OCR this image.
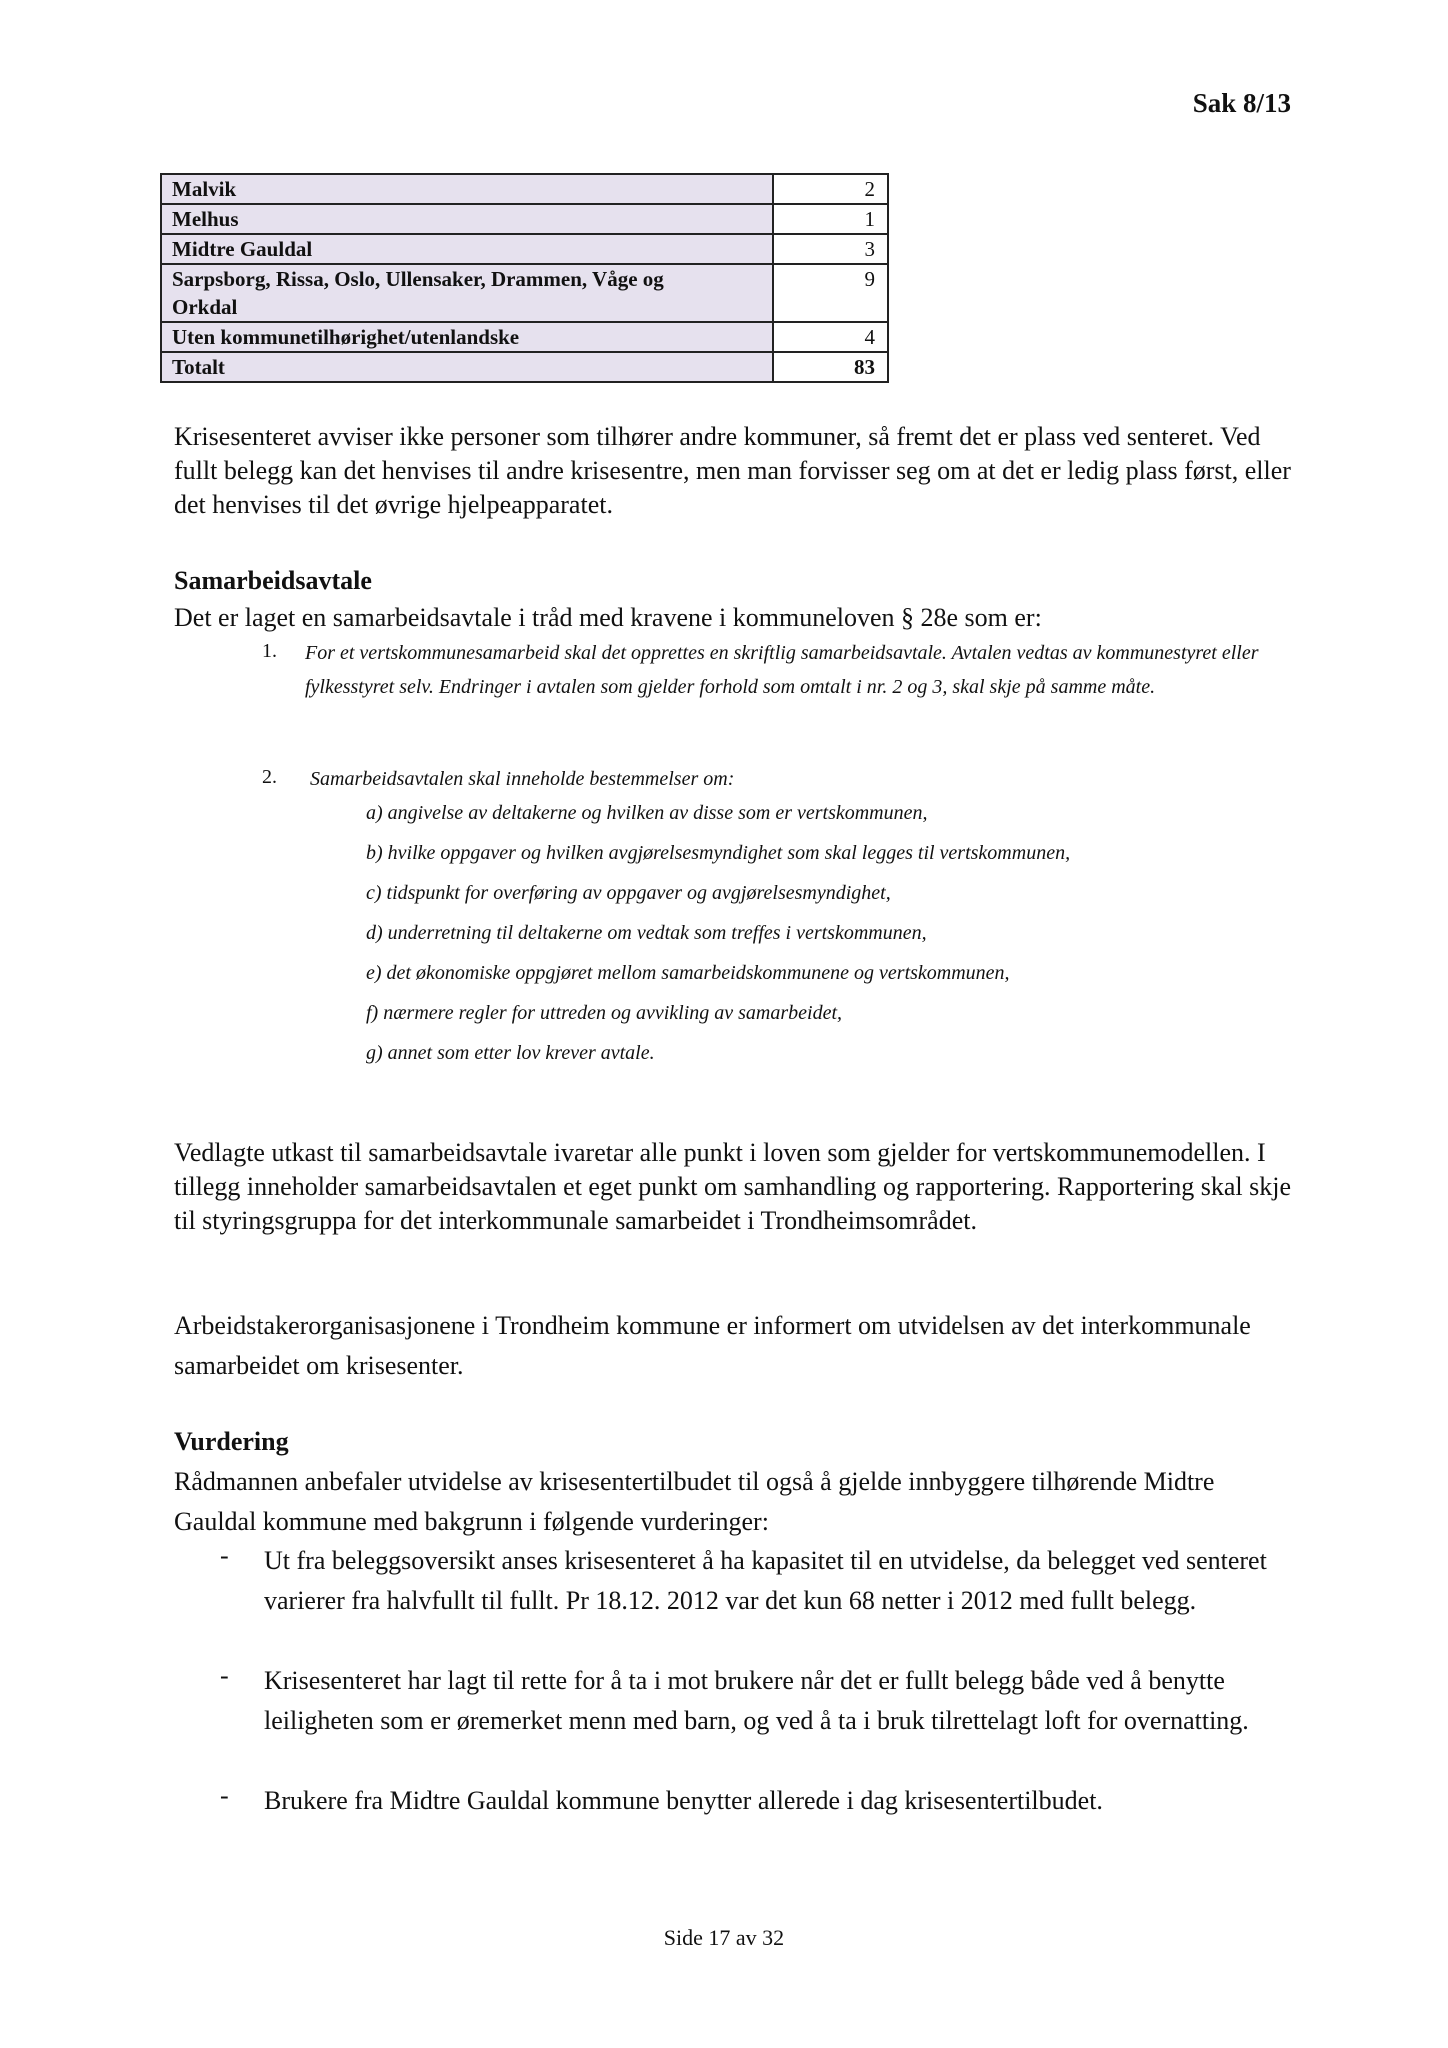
Sak 8/13
Malvik	2
Melhus	1
Midtre Gauldal	3
Sarpsborg, Rissa, Oslo, Ullensaker, Drammen, Våge og Orkdal	9
Uten kommunetilhørighet/utenlandske	4
Totalt	83

Krisesenteret avviser ikke personer som tilhører andre kommuner, så fremt det er plass ved senteret. Ved fullt belegg kan det henvises til andre krisesentre, men man forvisser seg om at det er ledig plass først, eller det henvises til det øvrige hjelpeapparatet.

Samarbeidsavtale
Det er laget en samarbeidsavtale i tråd med kravene i kommuneloven § 28e som er:
1. For et vertskommunesamarbeid skal det opprettes en skriftlig samarbeidsavtale. Avtalen vedtas av kommunestyret eller fylkesstyret selv. Endringer i avtalen som gjelder forhold som omtalt i nr. 2 og 3, skal skje på samme måte.

2. Samarbeidsavtalen skal inneholde bestemmelser om:
a) angivelse av deltakerne og hvilken av disse som er vertskommunen,
b) hvilke oppgaver og hvilken avgjørelsesmyndighet som skal legges til vertskommunen,
c) tidspunkt for overføring av oppgaver og avgjørelsesmyndighet,
d) underretning til deltakerne om vedtak som treffes i vertskommunen,
e) det økonomiske oppgjøret mellom samarbeidskommunene og vertskommunen,
f) nærmere regler for uttreden og avvikling av samarbeidet,
g) annet som etter lov krever avtale.

Vedlagte utkast til samarbeidsavtale ivaretar alle punkt i loven som gjelder for vertskommunemodellen. I tillegg inneholder samarbeidsavtalen et eget punkt om samhandling og rapportering. Rapportering skal skje til styringsgruppa for det interkommunale samarbeidet i Trondheimsområdet.

Arbeidstakerorganisasjonene i Trondheim kommune er informert om utvidelsen av det interkommunale samarbeidet om krisesenter.

Vurdering

Rådmannen anbefaler utvidelse av krisesentertilbudet til også å gjelde innbyggere tilhørende Midtre Gauldal kommune med bakgrunn i følgende vurderinger:

- Ut fra beleggsoversikt anses krisesenteret å ha kapasitet til en utvidelse, da belegget ved senteret varierer fra halvfullt til fullt. Pr 18.12. 2012 var det kun 68 netter i 2012 med fullt belegg.

- Krisesenteret har lagt til rette for å ta i mot brukere når det er fullt belegg både ved å benytte leiligheten som er øremerket menn med barn, og ved å ta i bruk tilrettelagt loft for overnatting.

- Brukere fra Midtre Gauldal kommune benytter allerede i dag krisesentertilbudet.

Side 17 av 32
